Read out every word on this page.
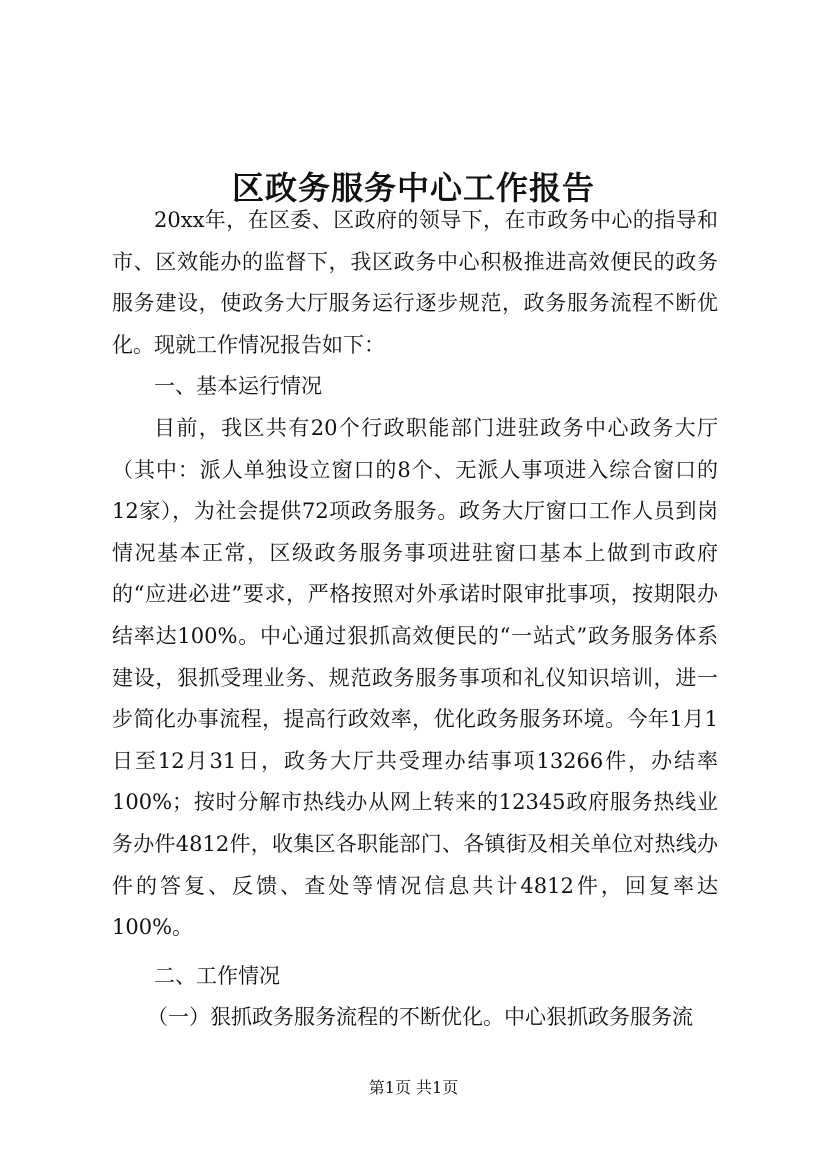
区政务服务中心工作报告

20xx年，在区委、区政府的领导下，在市政务中心的指导和市、区效能办的监督下，我区政务中心积极推进高效便民的政务服务建设，使政务大厅服务运行逐步规范，政务服务流程不断优化。现就工作情况报告如下：

一、基本运行情况

目前，我区共有20个行政职能部门进驻政务中心政务大厅（其中：派人单独设立窗口的8个、无派人事项进入综合窗口的12家），为社会提供72项政务服务。政务大厅窗口工作人员到岗情况基本正常，区级政务服务事项进驻窗口基本上做到市政府的“应进必进”要求，严格按照对外承诺时限审批事项，按期限办结率达100%。中心通过狠抓高效便民的“一站式”政务服务体系建设，狠抓受理业务、规范政务服务事项和礼仪知识培训，进一步简化办事流程，提高行政效率，优化政务服务环境。今年1月1日至12月31日，政务大厅共受理办结事项13266件，办结率100%；按时分解市热线办从网上转来的12345政府服务热线业务办件4812件，收集区各职能部门、各镇街及相关单位对热线办件的答复、反馈、查处等情况信息共计4812件，回复率达100%。

二、工作情况

（一）狠抓政务服务流程的不断优化。中心狠抓政务服务流

第1页 共1页
